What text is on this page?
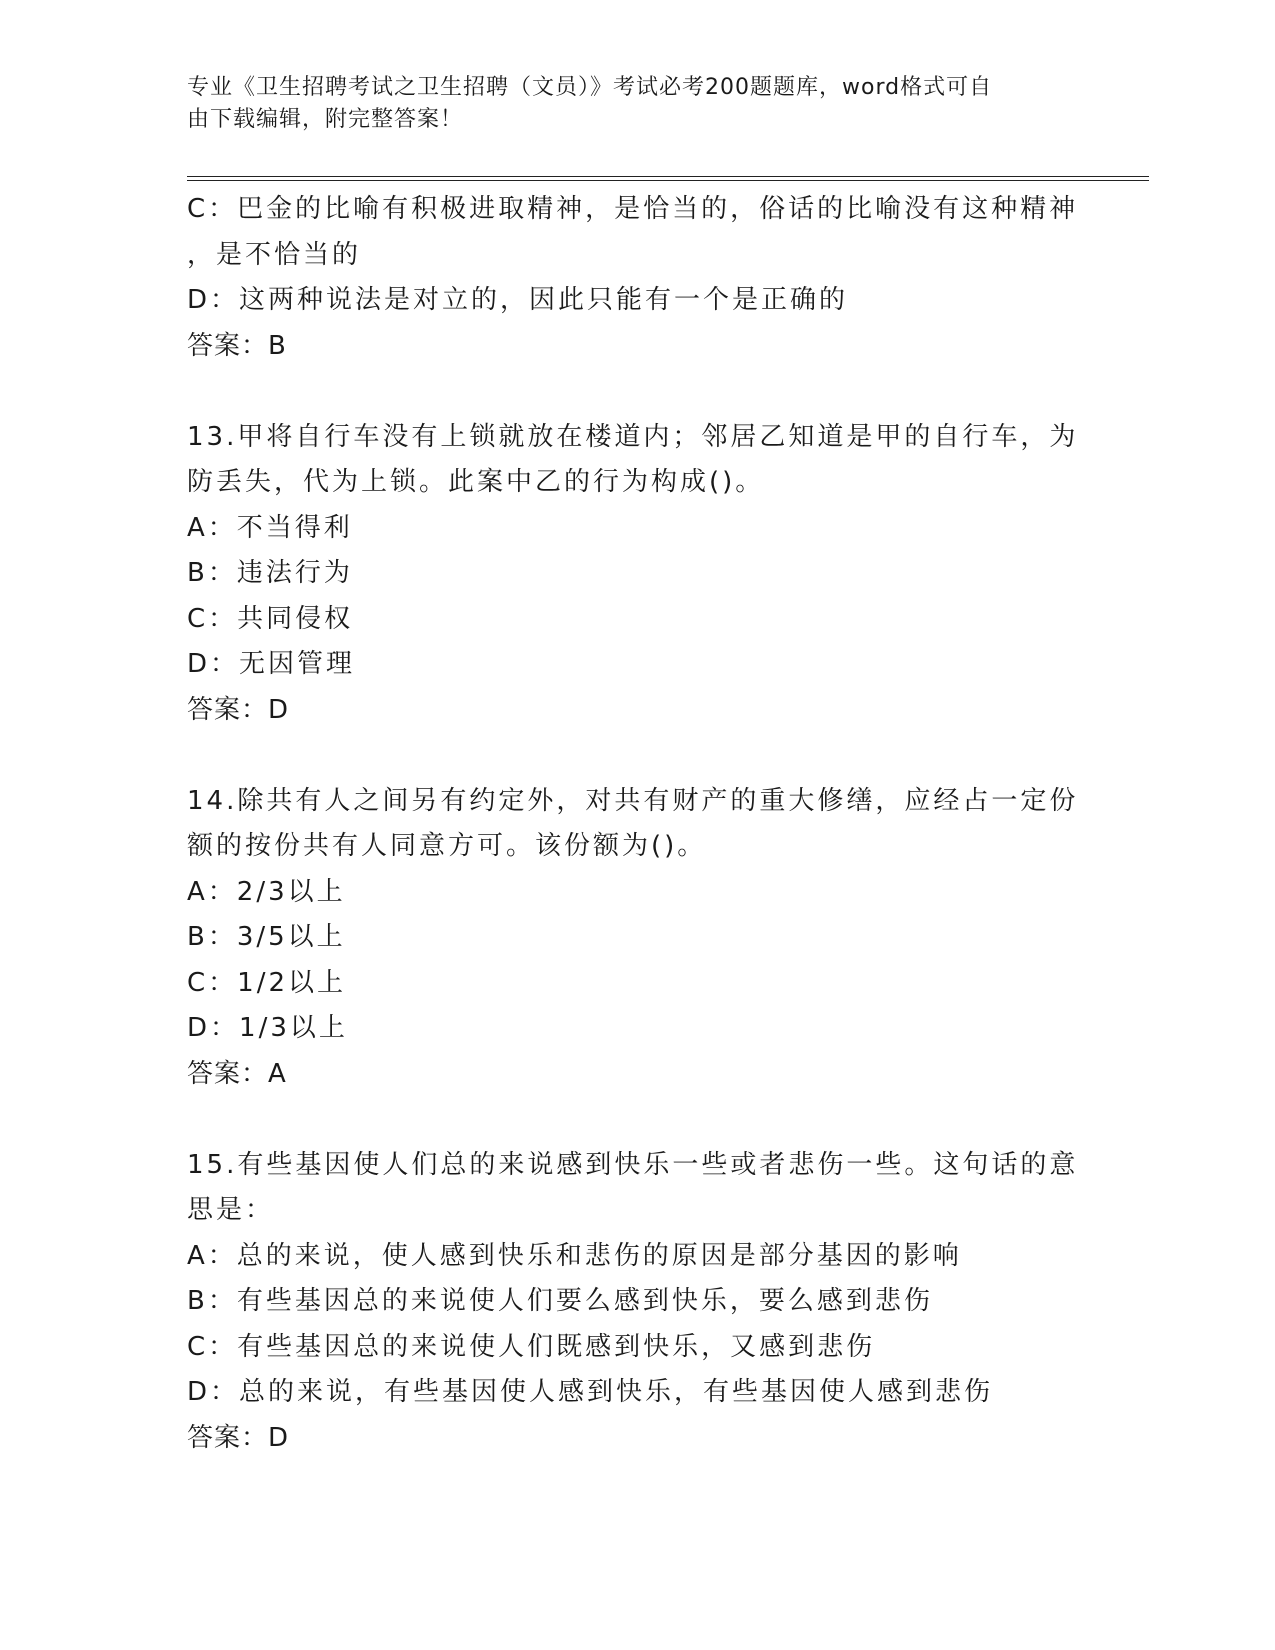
专业《卫生招聘考试之卫生招聘（文员）》考试必考200题题库，word格式可自
由下载编辑，附完整答案！
C：巴金的比喻有积极进取精神，是恰当的，俗话的比喻没有这种精神
，是不恰当的
D：这两种说法是对立的，因此只能有一个是正确的
答案：B
13.甲将自行车没有上锁就放在楼道内；邻居乙知道是甲的自行车，为
防丢失，代为上锁。此案中乙的行为构成()。
A：不当得利
B：违法行为
C：共同侵权
D：无因管理
答案：D
14.除共有人之间另有约定外，对共有财产的重大修缮，应经占一定份
额的按份共有人同意方可。该份额为()。
A：2/3以上
B：3/5以上
C：1/2以上
D：1/3以上
答案：A
15.有些基因使人们总的来说感到快乐一些或者悲伤一些。这句话的意
思是：
A：总的来说，使人感到快乐和悲伤的原因是部分基因的影响
B：有些基因总的来说使人们要么感到快乐，要么感到悲伤
C：有些基因总的来说使人们既感到快乐，又感到悲伤
D：总的来说，有些基因使人感到快乐，有些基因使人感到悲伤
答案：D
